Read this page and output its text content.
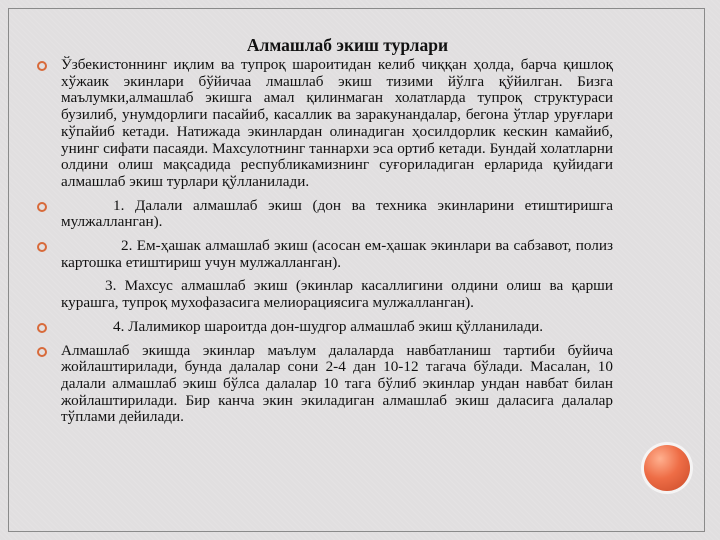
Алмашлаб экиш турлари

Ўзбекистоннинг иқлим ва тупроқ шароитидан келиб чиққан ҳолда, барча қишлоқ хўжаик экинлари бўйичаа лмашлаб экиш тизими йўлга қўйилган. Бизга маълумки,алмашлаб экишга амал қилинмаган холатларда тупроқ структураси бузилиб, унумдорлиги пасайиб, касаллик ва заракунандалар, бегона ўтлар уруғлари кўпайиб кетади. Натижада экинлардан олинадиган ҳосилдорлик кескин камайиб, унинг сифати пасаяди. Махсулотнинг таннархи эса ортиб кетади. Бундай холатларни олдини олиш мақсадида республикамизнинг суғориладиган ерларида қуйидаги алмашлаб экиш турлари қўлланилади.

1. Далали алмашлаб экиш (дон ва техника экинларини етиштиришга мулжалланган).

2. Ем-ҳашак алмашлаб экиш (асосан ем-ҳашак экинлари ва сабзавот, полиз картошка етиштириш учун мулжалланган).

3. Махсус алмашлаб экиш (экинлар касаллигини олдини олиш ва қарши курашга, тупроқ мухофазасига мелиорациясига мулжалланган).

4. Лалимикор шароитда дон-шудгор алмашлаб экиш қўлланилади.

Алмашлаб экишда экинлар маълум далаларда навбатланиш тартиби буйича жойлаштирилади, бунда далалар сони 2-4 дан 10-12 тагача бўлади. Масалан, 10 далали алмашлаб экиш бўлса далалар 10 тага бўлиб экинлар ундан навбат билан жойлаштирилади. Бир канча экин экиладиган алмашлаб экиш даласига далалар тўплами дейилади.
